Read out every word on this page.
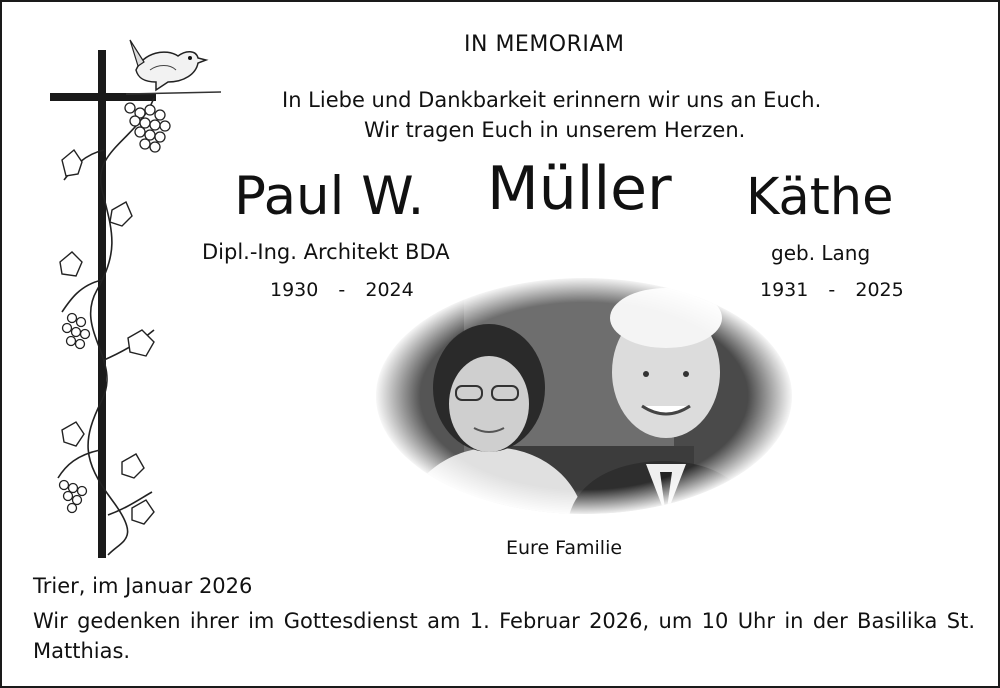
IN MEMORIAM
In Liebe und Dankbarkeit erinnern wir uns an Euch.
Wir tragen Euch in unserem Herzen.
Paul W. Müller Käthe
Dipl.-Ing. Architekt BDA	geb. Lang
1930  -  2024	1931  -  2025
Eure Familie
Trier, im Januar 2026
Wir gedenken ihrer im Gottesdienst am 1. Februar 2026, um 10 Uhr in der Basilika St. Matthias.
